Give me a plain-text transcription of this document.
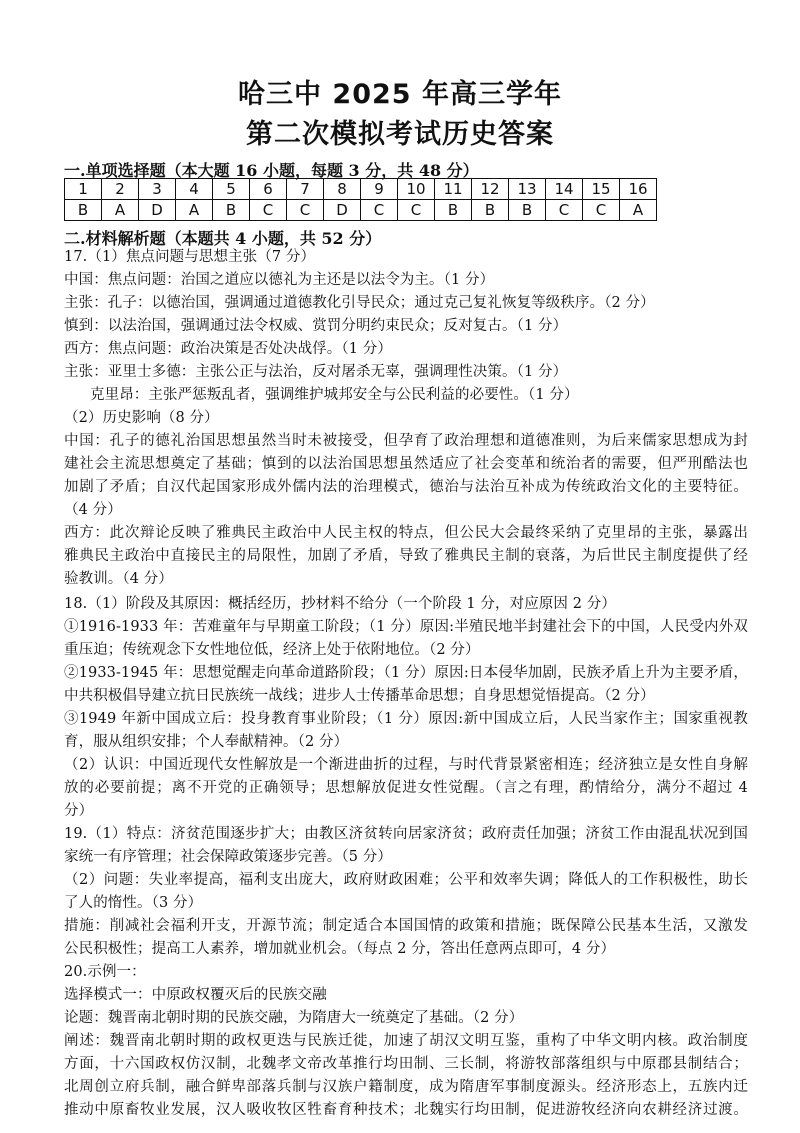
哈三中 2025 年高三学年
第二次模拟考试历史答案
一.单项选择题（本大题 16 小题，每题 3 分，共 48 分）
1	2	3	4	5	6	7	8	9	10	11	12	13	14	15	16
B	A	D	A	B	C	C	D	C	C	B	B	B	C	C	A
二.材料解析题（本题共 4 小题，共 52 分）
17.（1）焦点问题与思想主张（7 分）
中国：焦点问题：治国之道应以德礼为主还是以法令为主。（1 分）
主张：孔子：以德治国，强调通过道德教化引导民众；通过克己复礼恢复等级秩序。（2 分）
慎到：以法治国，强调通过法令权威、赏罚分明约束民众；反对复古。（1 分）
西方：焦点问题：政治决策是否处决战俘。（1 分）
主张：亚里士多德：主张公正与法治，反对屠杀无辜，强调理性决策。（1 分）
克里昂：主张严惩叛乱者，强调维护城邦安全与公民利益的必要性。（1 分）
（2）历史影响（8 分）
中国：孔子的德礼治国思想虽然当时未被接受，但孕育了政治理想和道德准则，为后来儒家思想成为封
建社会主流思想奠定了基础；慎到的以法治国思想虽然适应了社会变革和统治者的需要，但严刑酷法也
加剧了矛盾；自汉代起国家形成外儒内法的治理模式，德治与法治互补成为传统政治文化的主要特征。
（4 分）
西方：此次辩论反映了雅典民主政治中人民主权的特点，但公民大会最终采纳了克里昂的主张，暴露出
雅典民主政治中直接民主的局限性，加剧了矛盾，导致了雅典民主制的衰落，为后世民主制度提供了经
验教训。（4 分）
18.（1）阶段及其原因：概括经历，抄材料不给分（一个阶段 1 分，对应原因 2 分）
①1916-1933 年：苦难童年与早期童工阶段；（1 分）原因:半殖民地半封建社会下的中国，人民受内外双
重压迫；传统观念下女性地位低，经济上处于依附地位。（2 分）
②1933-1945 年：思想觉醒走向革命道路阶段；（1 分）原因:日本侵华加剧，民族矛盾上升为主要矛盾，
中共积极倡导建立抗日民族统一战线；进步人士传播革命思想；自身思想觉悟提高。（2 分）
③1949 年新中国成立后：投身教育事业阶段；（1 分）原因:新中国成立后，人民当家作主；国家重视教
育，服从组织安排；个人奉献精神。（2 分）
（2）认识：中国近现代女性解放是一个渐进曲折的过程，与时代背景紧密相连；经济独立是女性自身解
放的必要前提；离不开党的正确领导；思想解放促进女性觉醒。（言之有理，酌情给分，满分不超过 4
分）
19.（1）特点：济贫范围逐步扩大；由教区济贫转向居家济贫；政府责任加强；济贫工作由混乱状况到国
家统一有序管理；社会保障政策逐步完善。（5 分）
（2）问题：失业率提高，福利支出庞大，政府财政困难；公平和效率失调；降低人的工作积极性，助长
了人的惰性。（3 分）
措施：削减社会福利开支，开源节流；制定适合本国国情的政策和措施；既保障公民基本生活，又激发
公民积极性；提高工人素养，增加就业机会。（每点 2 分，答出任意两点即可，4 分）
20.示例一：
选择模式一：中原政权覆灭后的民族交融
论题：魏晋南北朝时期的民族交融，为隋唐大一统奠定了基础。（2 分）
阐述：魏晋南北朝时期的政权更迭与民族迁徙，加速了胡汉文明互鉴，重构了中华文明内核。政治制度
方面，十六国政权仿汉制，北魏孝文帝改革推行均田制、三长制，将游牧部落组织与中原郡县制结合；
北周创立府兵制，融合鲜卑部落兵制与汉族户籍制度，成为隋唐军事制度源头。经济形态上，五族内迁
推动中原畜牧业发展，汉人吸收牧区牲畜育种技术；北魏实行均田制，促进游牧经济向农耕经济过渡。
